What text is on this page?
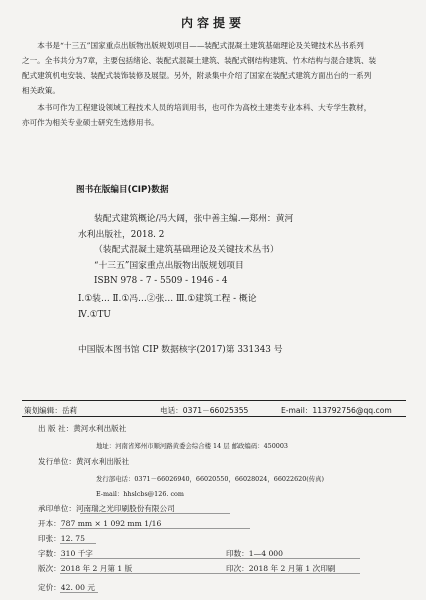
内容提要

本书是“十三五”国家重点出版物出版规划项目——装配式混凝土建筑基础理论及关键技术丛书系列

之一。全书共分为7章，主要包括绪论、装配式混凝土建筑、装配式钢结构建筑、竹木结构与混合建筑、装

配式建筑机电安装、装配式装饰装修及展望。另外，附录集中介绍了国家在装配式建筑方面出台的一系列

相关政策。

本书可作为工程建设领域工程技术人员的培训用书，也可作为高校土建类专业本科、大专学生教材，

亦可作为相关专业硕士研究生选修用书。

图书在版编目(CIP)数据
装配式建筑概论/冯大阔，张中善主编.—郑州：黄河
水利出版社，2018. 2
（装配式混凝土建筑基础理论及关键技术丛书）
“十三五”国家重点出版物出版规划项目
ISBN 978 - 7 - 5509 - 1946 - 4
Ⅰ.①装… Ⅱ.①冯…②张… Ⅲ.①建筑工程 - 概论
Ⅳ.①TU
中国版本图书馆 CIP 数据核字(2017)第 331343 号
策划编辑：岳莉	电话：0371－66025355	E-mail：113792756@qq.com
出 版 社：黄河水利出版社
地址：河南省郑州市顺河路黄委会综合楼 14 层 邮政编码：450003
发行单位：黄河水利出版社
发行部电话：0371－66026940，66020550，66028024，66022620(传真)
E-mail：hhslcbs@126. com
承印单位：河南瑞之光印刷股份有限公司
开本：787 mm × 1 092 mm 1/16
印张：12. 75
字数：310 千字	印数：1—4 000
版次：2018 年 2 月第 1 版	印次：2018 年 2 月第 1 次印刷
定价：42. 00 元
